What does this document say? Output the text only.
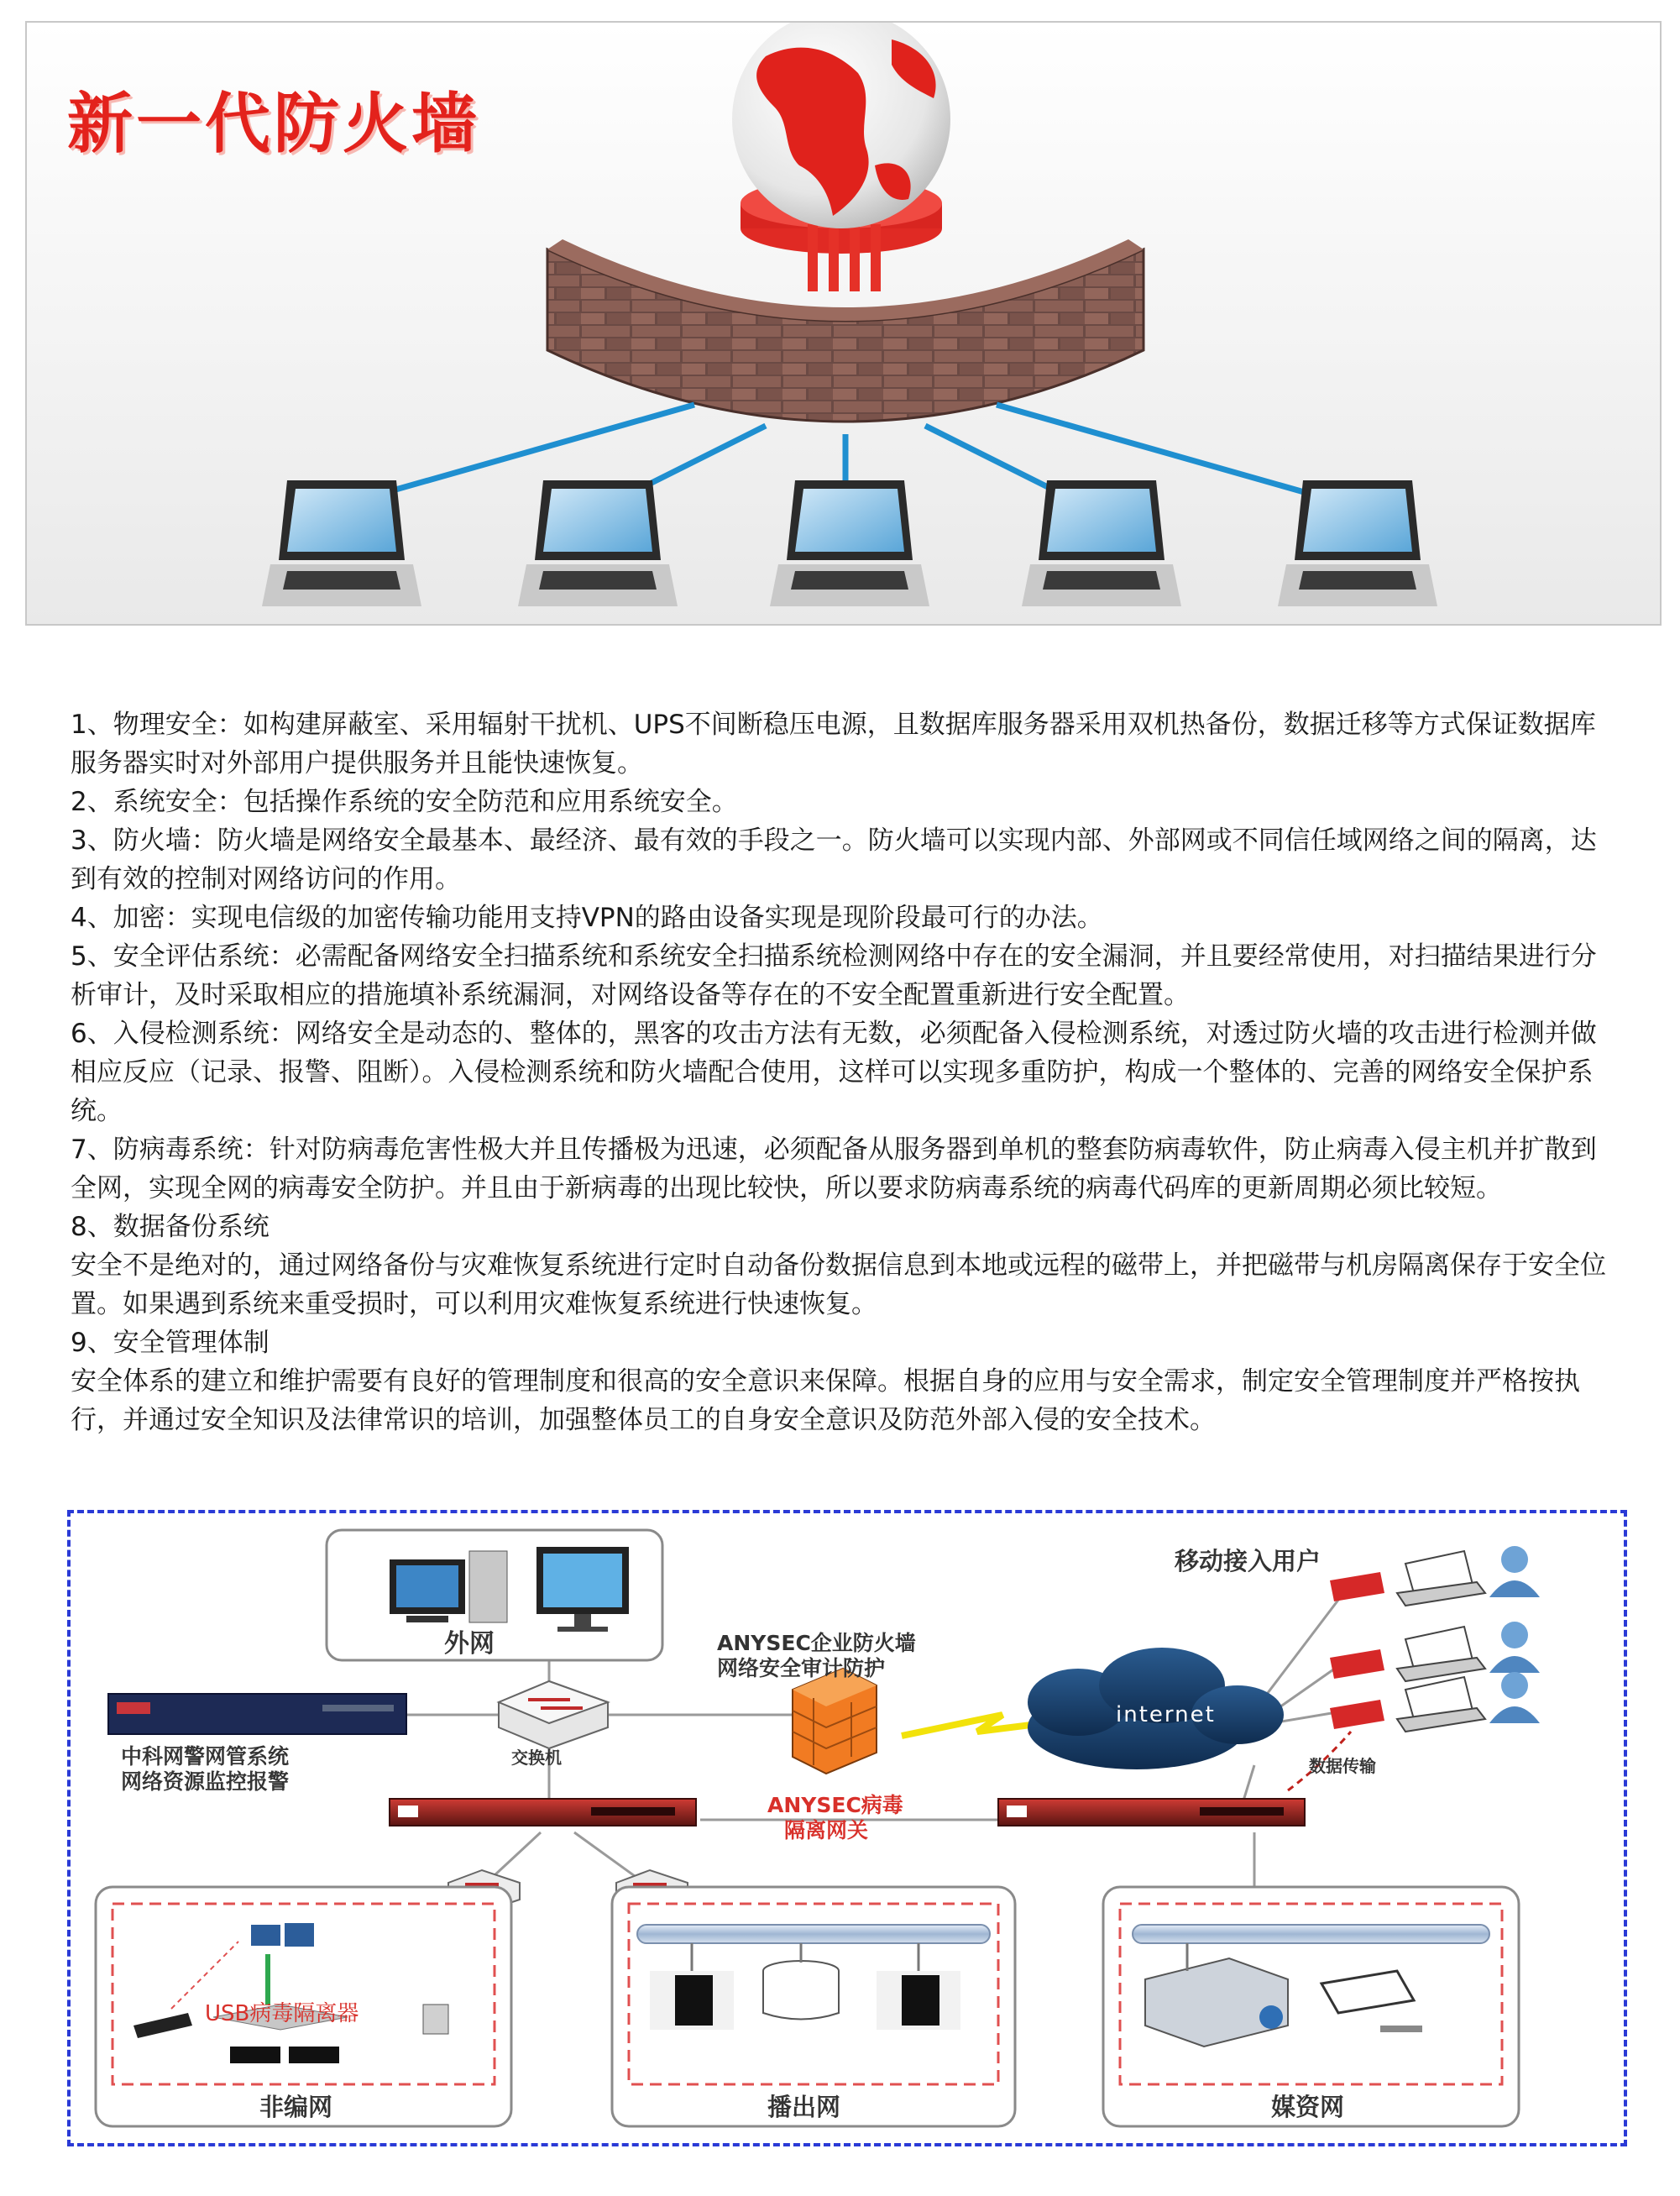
新一代防火墙

1、物理安全：如构建屏蔽室、采用辐射干扰机、UPS不间断稳压电源，且数据库服务器采用双机热备份，数据迁移等方式保证数据库服务器实时对外部用户提供服务并且能快速恢复。

2、系统安全：包括操作系统的安全防范和应用系统安全。

3、防火墙：防火墙是网络安全最基本、最经济、最有效的手段之一。防火墙可以实现内部、外部网或不同信任域网络之间的隔离，达到有效的控制对网络访问的作用。

4、加密：实现电信级的加密传输功能用支持VPN的路由设备实现是现阶段最可行的办法。

5、安全评估系统：必需配备网络安全扫描系统和系统安全扫描系统检测网络中存在的安全漏洞，并且要经常使用，对扫描结果进行分析审计，及时采取相应的措施填补系统漏洞，对网络设备等存在的不安全配置重新进行安全配置。

6、入侵检测系统：网络安全是动态的、整体的，黑客的攻击方法有无数，必须配备入侵检测系统，对透过防火墙的攻击进行检测并做相应反应（记录、报警、阻断）。入侵检测系统和防火墙配合使用，这样可以实现多重防护，构成一个整体的、完善的网络安全保护系统。

7、防病毒系统：针对防病毒危害性极大并且传播极为迅速，必须配备从服务器到单机的整套防病毒软件，防止病毒入侵主机并扩散到全网，实现全网的病毒安全防护。并且由于新病毒的出现比较快，所以要求防病毒系统的病毒代码库的更新周期必须比较短。

8、数据备份系统

安全不是绝对的，通过网络备份与灾难恢复系统进行定时自动备份数据信息到本地或远程的磁带上，并把磁带与机房隔离保存于安全位置。如果遇到系统来重受损时，可以利用灾难恢复系统进行快速恢复。

9、安全管理体制

安全体系的建立和维护需要有良好的管理制度和很高的安全意识来保障。根据自身的应用与安全需求，制定安全管理制度并严格按执行，并通过安全知识及法律常识的培训，加强整体员工的自身安全意识及防范外部入侵的安全技术。

外网
移动接入用户
ANYSEC企业防火墙
网络安全审计防护
internet
中科网警网管系统
网络资源监控报警
交换机	数据传输
ANYSEC病毒
隔离网关
USB病毒隔离器
非编网	播出网	媒资网
